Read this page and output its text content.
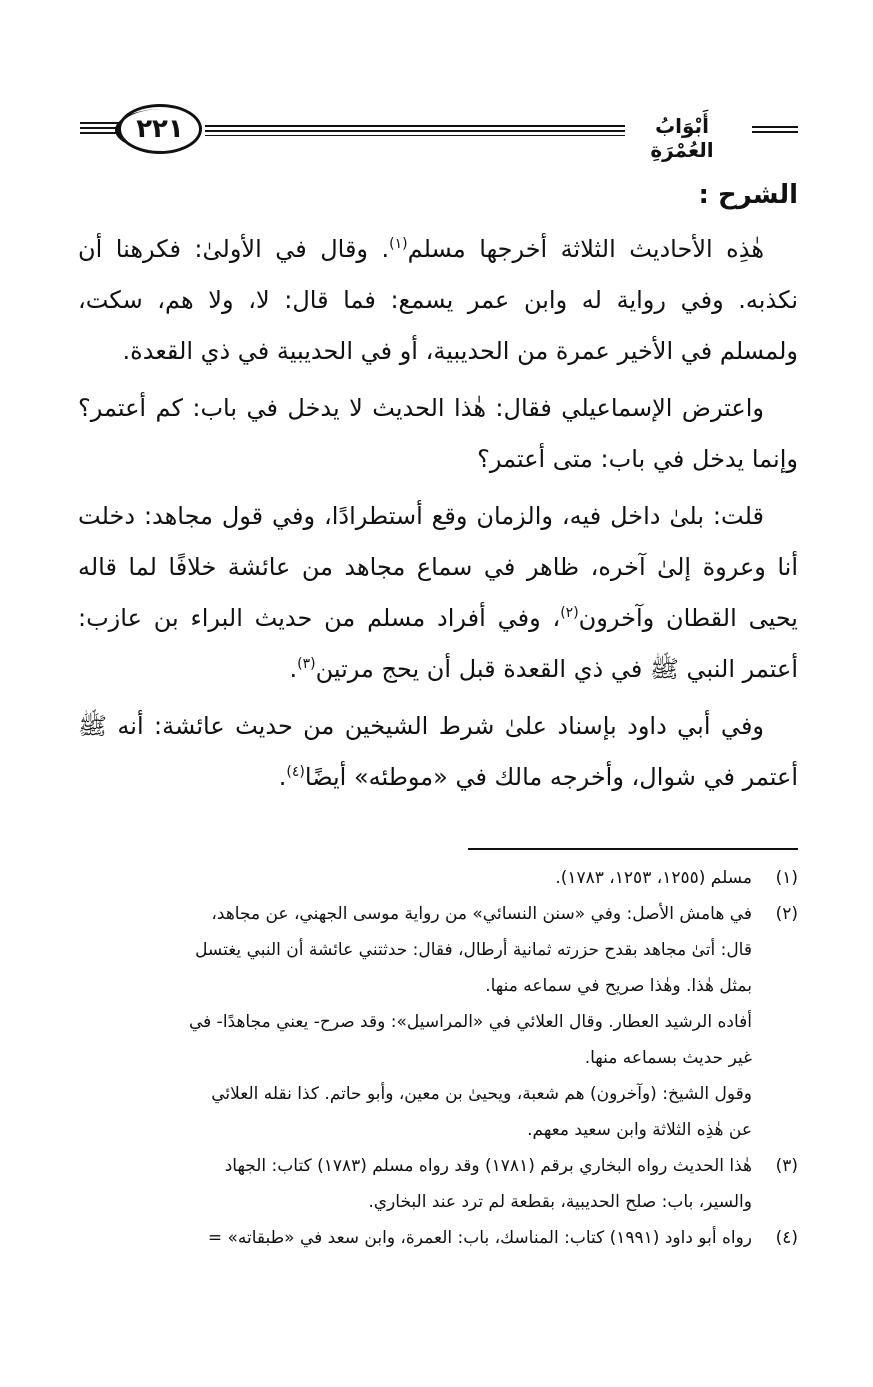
٢٢١	أَبْوَابُ العُمْرَةِ
الشرح :

هٰذِه الأحاديث الثلاثة أخرجها مسلم$^{(١)}$. وقال في الأولىٰ: فكرهنا أن نكذبه. وفي رواية له وابن عمر يسمع: فما قال: لا، ولا هم، سكت، ولمسلم في الأخير عمرة من الحديبية، أو في الحديبية في ذي القعدة.

واعترض الإسماعيلي فقال: هٰذا الحديث لا يدخل في باب: كم أعتمر؟ وإنما يدخل في باب: متى أعتمر؟

قلت: بلىٰ داخل فيه، والزمان وقع أستطرادًا، وفي قول مجاهد: دخلت أنا وعروة إلىٰ آخره، ظاهر في سماع مجاهد من عائشة خلافًا لما قاله يحيى القطان وآخرون$^{(٢)}$، وفي أفراد مسلم من حديث البراء بن عازب: أعتمر النبي ﷺ في ذي القعدة قبل أن يحج مرتين$^{(٣)}$.

وفي أبي داود بإسناد علىٰ شرط الشيخين من حديث عائشة: أنه ﷺ أعتمر في شوال، وأخرجه مالك في «موطئه» أيضًا$^{(٤)}$.

(١)
مسلم (١٢٥٥، ١٢٥٣، ١٧٨٣).
(٢)
في هامش الأصل: وفي «سنن النسائي» من رواية موسى الجهني، عن مجاهد،
قال: أتىٰ مجاهد بقدح حزرته ثمانية أرطال، فقال: حدثتني عائشة أن النبي يغتسل
بمثل هٰذا. وهٰذا صريح في سماعه منها.
أفاده الرشيد العطار. وقال العلائي في «المراسيل»: وقد صرح- يعني مجاهدًا- في
غير حديث بسماعه منها.
وقول الشيخ: (وآخرون) هم شعبة، ويحيىٰ بن معين، وأبو حاتم. كذا نقله العلائي
عن هٰذِه الثلاثة وابن سعيد معهم.
(٣)
هٰذا الحديث رواه البخاري برقم (١٧٨١) وقد رواه مسلم (١٧٨٣) كتاب: الجهاد
والسير، باب: صلح الحديبية، بقطعة لم ترد عند البخاري.
(٤)
رواه أبو داود (١٩٩١) كتاب: المناسك، باب: العمرة، وابن سعد في «طبقاته» =
